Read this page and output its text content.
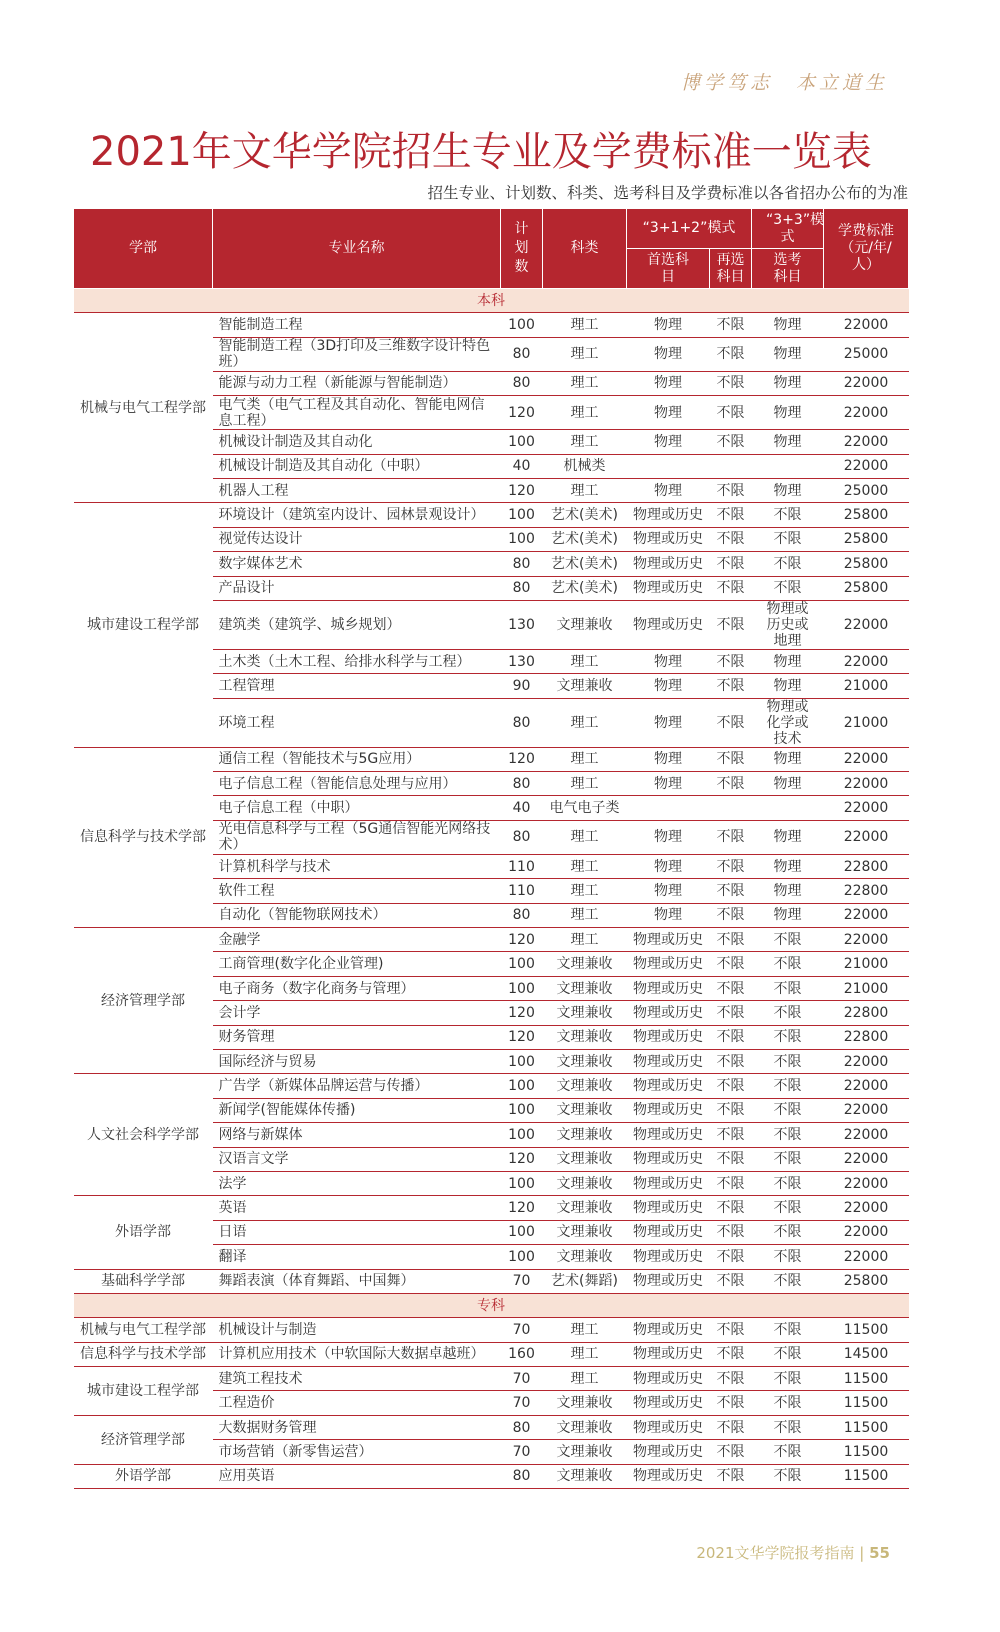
博学笃志　本立道生
2021年文华学院招生专业及学费标准一览表
招生专业、计划数、科类、选考科目及学费标准以各省招办公布的为准
学部	专业名称	计划数	科类	“3+1+2”模式		“3+3”模式	学费标准（元/年/人）
				首选科目	再选科目	选考科目	
本科							
机械与电气工程学部	智能制造工程	100	理工	物理	不限	物理	22000
	智能制造工程（3D打印及三维数字设计特色班）	80	理工	物理	不限	物理	25000
	能源与动力工程（新能源与智能制造）	80	理工	物理	不限	物理	22000
	电气类（电气工程及其自动化、智能电网信息工程）	120	理工	物理	不限	物理	22000
	机械设计制造及其自动化	100	理工	物理	不限	物理	22000
	机械设计制造及其自动化（中职）	40	机械类				22000
	机器人工程	120	理工	物理	不限	物理	25000
城市建设工程学部	环境设计（建筑室内设计、园林景观设计）	100	艺术(美术)	物理或历史	不限	不限	25800
	视觉传达设计	100	艺术(美术)	物理或历史	不限	不限	25800
	数字媒体艺术	80	艺术(美术)	物理或历史	不限	不限	25800
	产品设计	80	艺术(美术)	物理或历史	不限	不限	25800
	建筑类（建筑学、城乡规划）	130	文理兼收	物理或历史	不限	物理或历史或地理	22000
	土木类（土木工程、给排水科学与工程）	130	理工	物理	不限	物理	22000
	工程管理	90	文理兼收	物理	不限	物理	21000
	环境工程	80	理工	物理	不限	物理或化学或技术	21000
信息科学与技术学部	通信工程（智能技术与5G应用）	120	理工	物理	不限	物理	22000
	电子信息工程（智能信息处理与应用）	80	理工	物理	不限	物理	22000
	电子信息工程（中职）	40	电气电子类				22000
	光电信息科学与工程（5G通信智能光网络技术）	80	理工	物理	不限	物理	22000
	计算机科学与技术	110	理工	物理	不限	物理	22800
	软件工程	110	理工	物理	不限	物理	22800
	自动化（智能物联网技术）	80	理工	物理	不限	物理	22000
经济管理学部	金融学	120	理工	物理或历史	不限	不限	22000
	工商管理(数字化企业管理)	100	文理兼收	物理或历史	不限	不限	21000
	电子商务（数字化商务与管理）	100	文理兼收	物理或历史	不限	不限	21000
	会计学	120	文理兼收	物理或历史	不限	不限	22800
	财务管理	120	文理兼收	物理或历史	不限	不限	22800
	国际经济与贸易	100	文理兼收	物理或历史	不限	不限	22000
人文社会科学学部	广告学（新媒体品牌运营与传播）	100	文理兼收	物理或历史	不限	不限	22000
	新闻学(智能媒体传播)	100	文理兼收	物理或历史	不限	不限	22000
	网络与新媒体	100	文理兼收	物理或历史	不限	不限	22000
	汉语言文学	120	文理兼收	物理或历史	不限	不限	22000
	法学	100	文理兼收	物理或历史	不限	不限	22000
外语学部	英语	120	文理兼收	物理或历史	不限	不限	22000
	日语	100	文理兼收	物理或历史	不限	不限	22000
	翻译	100	文理兼收	物理或历史	不限	不限	22000
基础科学学部	舞蹈表演（体育舞蹈、中国舞）	70	艺术(舞蹈)	物理或历史	不限	不限	25800
专科							
机械与电气工程学部	机械设计与制造	70	理工	物理或历史	不限	不限	11500
信息科学与技术学部	计算机应用技术（中软国际大数据卓越班）	160	理工	物理或历史	不限	不限	14500
城市建设工程学部	建筑工程技术	70	理工	物理或历史	不限	不限	11500
	工程造价	70	文理兼收	物理或历史	不限	不限	11500
经济管理学部	大数据财务管理	80	文理兼收	物理或历史	不限	不限	11500
	市场营销（新零售运营）	70	文理兼收	物理或历史	不限	不限	11500
外语学部	应用英语	80	文理兼收	物理或历史	不限	不限	11500
2021文华学院报考指南 | 55
